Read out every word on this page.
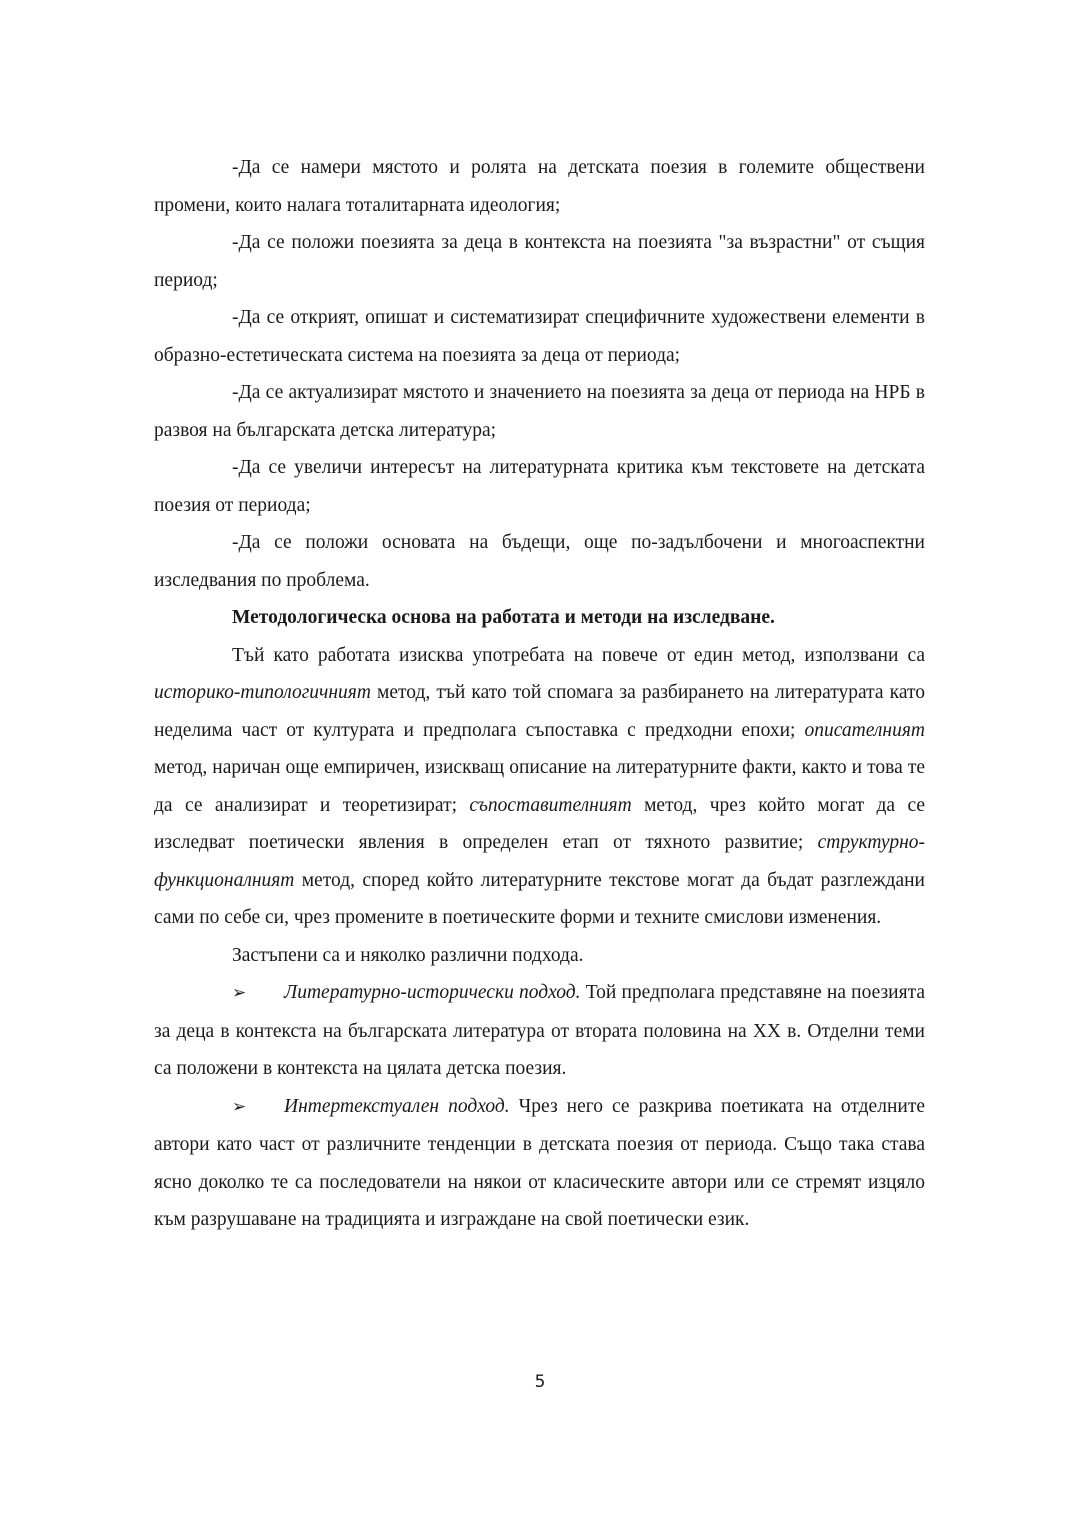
-Да се намери мястото и ролята на детската поезия в големите обществени промени, които налага тоталитарната идеология;

-Да се положи поезията за деца в контекста на поезията "за възрастни" от същия период;

-Да се открият, опишат и систематизират специфичните художествени елементи в образно-естетическата система на поезията за деца от периода;

-Да се актуализират мястото и значението на поезията за деца от периода на НРБ в развоя на българската детска литература;

-Да се увеличи интересът на литературната критика към текстовете на детската поезия от периода;

-Да се положи основата на бъдещи, още по-задълбочени и многоаспектни изследвания по проблема.

Методологическа основа на работата и методи на изследване.

Тъй като работата изисква употребата на повече от един метод, използвани са историко-типологичният метод, тъй като той спомага за разбирането на литературата като неделима част от културата и предполага съпоставка с предходни епохи; описателният метод, наричан още емпиричен, изискващ описание на литературните факти, както и това те да се анализират и теоретизират; съпоставителният метод, чрез който могат да се изследват поетически явления в определен етап от тяхното развитие; структурно-функционалният метод, според който литературните текстове могат да бъдат разглеждани сами по себе си, чрез промените в поетическите форми и техните смислови изменения.

Застъпени са и няколко различни подхода.

➢ Литературно-исторически подход. Той предполага представяне на поезията за деца в контекста на българската литература от втората половина на ХХ в. Отделни теми са положени в контекста на цялата детска поезия.

➢ Интертекстуален подход. Чрез него се разкрива поетиката на отделните автори като част от различните тенденции в детската поезия от периода. Също така става ясно доколко те са последователи на някои от класическите автори или се стремят изцяло към разрушаване на традицията и изграждане на свой поетически език.

5
